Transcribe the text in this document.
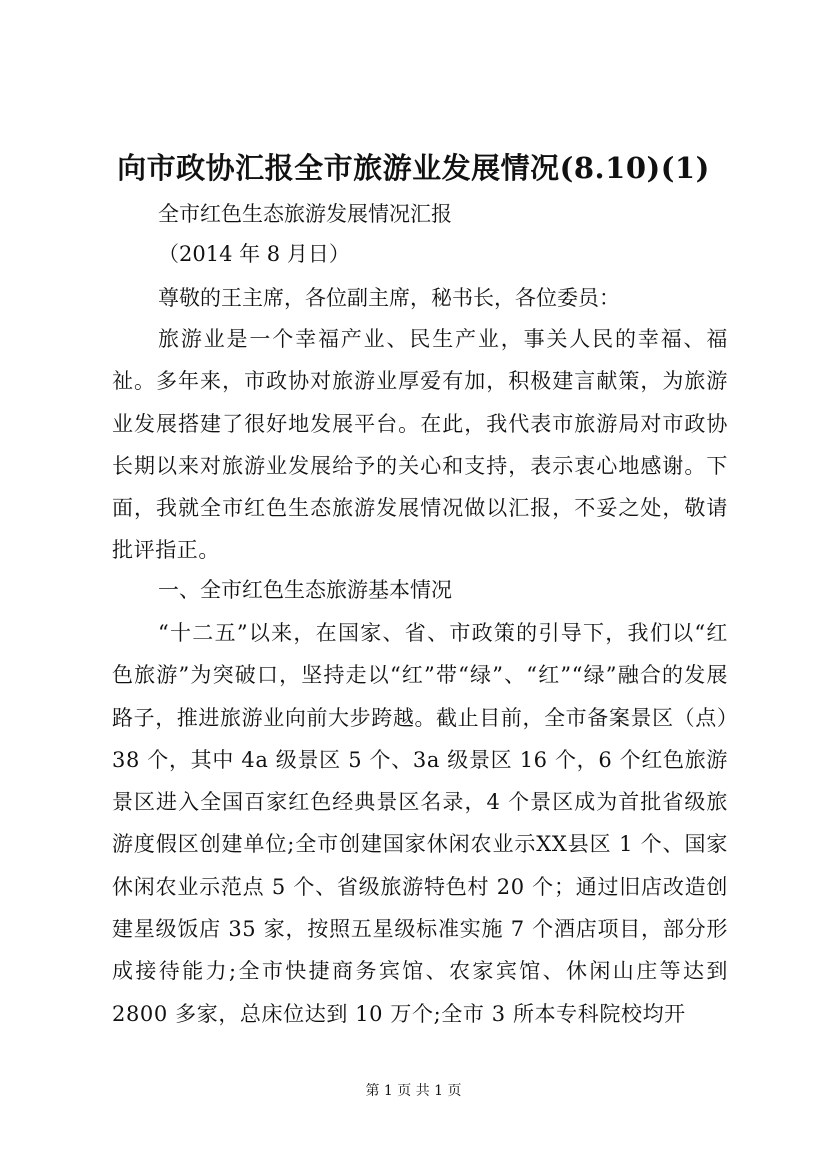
向市政协汇报全市旅游业发展情况(8.10)(1)
全市红色生态旅游发展情况汇报
（2014 年 8 月日）
尊敬的王主席，各位副主席，秘书长，各位委员：

旅游业是一个幸福产业、民生产业，事关人民的幸福、福祉。多年来，市政协对旅游业厚爱有加，积极建言献策，为旅游业发展搭建了很好地发展平台。在此，我代表市旅游局对市政协长期以来对旅游业发展给予的关心和支持，表示衷心地感谢。下面，我就全市红色生态旅游发展情况做以汇报，不妥之处，敬请批评指正。

一、全市红色生态旅游基本情况

“十二五”以来，在国家、省、市政策的引导下，我们以“红色旅游”为突破口，坚持走以“红”带“绿”、“红”“绿”融合的发展路子，推进旅游业向前大步跨越。截止目前，全市备案景区（点）38 个，其中 4a 级景区 5 个、3a 级景区 16 个，6 个红色旅游景区进入全国百家红色经典景区名录，4 个景区成为首批省级旅游度假区创建单位;全市创建国家休闲农业示XX县区 1 个、国家休闲农业示范点 5 个、省级旅游特色村 20 个；通过旧店改造创建星级饭店 35 家，按照五星级标准实施 7 个酒店项目，部分形成接待能力;全市快捷商务宾馆、农家宾馆、休闲山庄等达到 2800 多家，总床位达到 10 万个;全市 3 所本专科院校均开

第 1 页 共 1 页
